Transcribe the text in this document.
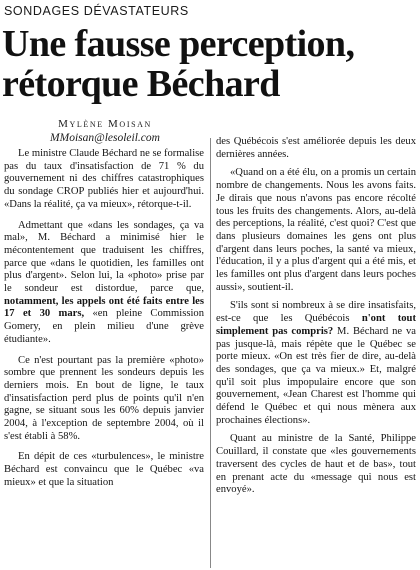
SONDAGES DÉVASTATEURS
Une fausse perception,
rétorque Béchard
Mylène Moisan
MMoisan@lesoleil.com

Le ministre Claude Béchard ne se formalise pas du taux d'insatisfaction de 71 % du gouvernement ni des chiffres catastrophiques du sondage CROP publiés hier et aujourd'hui. «Dans la réalité, ça va mieux», rétorque-t-il.

Admettant que «dans les sondages, ça va mal», M. Béchard a minimisé hier le mécontentement que traduisent les chiffres, parce que «dans le quotidien, les familles ont plus d'argent». Selon lui, la «photo» prise par le sondeur est distordue, parce que, notamment, les appels ont été faits entre les 17 et 30 mars, «en pleine Commission Gomery, en plein milieu d'une grève étudiante».

Ce n'est pourtant pas la première «photo» sombre que prennent les sondeurs depuis les derniers mois. En bout de ligne, le taux d'insatisfaction perd plus de points qu'il n'en gagne, se situant sous les 60% depuis janvier 2004, à l'exception de septembre 2004, où il s'est établi à 58%.

En dépit de ces «turbulences», le ministre Béchard est convaincu que le Québec «va mieux» et que la situation

des Québécois s'est améliorée depuis les deux dernières années.

«Quand on a été élu, on a promis un certain nombre de changements. Nous les avons faits. Je dirais que nous n'avons pas encore récolté tous les fruits des changements. Alors, au-delà des perceptions, la réalité, c'est quoi? C'est que dans plusieurs domaines les gens ont plus d'argent dans leurs poches, la santé va mieux, l'éducation, il y a plus d'argent qui a été mis, et les familles ont plus d'argent dans leurs poches aussi», soutient-il.

S'ils sont si nombreux à se dire insatisfaits, est-ce que les Québécois n'ont tout simplement pas compris? M. Béchard ne va pas jusque-là, mais répète que le Québec se porte mieux. «On est très fier de dire, au-delà des sondages, que ça va mieux.» Et, malgré qu'il soit plus impopulaire encore que son gouvernement, «Jean Charest est l'homme qui défend le Québec et qui nous mènera aux prochaines élections».

Quant au ministre de la Santé, Philippe Couillard, il constate que «les gouvernements traversent des cycles de haut et de bas», tout en prenant acte du «message qui nous est envoyé».
